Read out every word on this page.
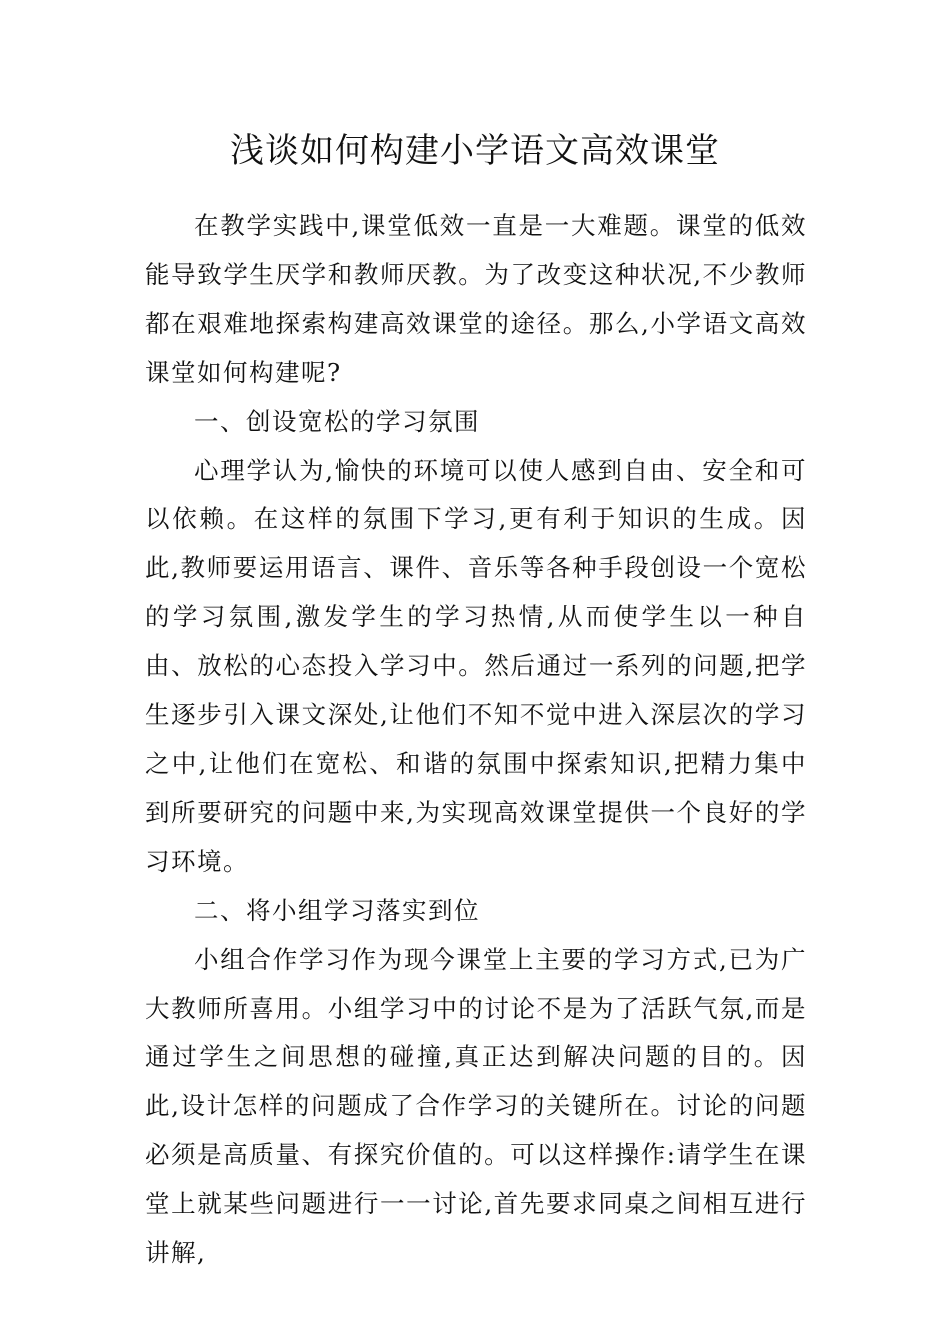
浅谈如何构建小学语文高效课堂

在教学实践中,课堂低效一直是一大难题。课堂的低效能导致学生厌学和教师厌教。为了改变这种状况,不少教师都在艰难地探索构建高效课堂的途径。那么,小学语文高效课堂如何构建呢?

一、创设宽松的学习氛围

心理学认为,愉快的环境可以使人感到自由、安全和可以依赖。在这样的氛围下学习,更有利于知识的生成。因此,教师要运用语言、课件、音乐等各种手段创设一个宽松的学习氛围,激发学生的学习热情,从而使学生以一种自由、放松的心态投入学习中。然后通过一系列的问题,把学生逐步引入课文深处,让他们不知不觉中进入深层次的学习之中,让他们在宽松、和谐的氛围中探索知识,把精力集中到所要研究的问题中来,为实现高效课堂提供一个良好的学习环境。

二、将小组学习落实到位

小组合作学习作为现今课堂上主要的学习方式,已为广大教师所喜用。小组学习中的讨论不是为了活跃气氛,而是通过学生之间思想的碰撞,真正达到解决问题的目的。因此,设计怎样的问题成了合作学习的关键所在。讨论的问题必须是高质量、有探究价值的。可以这样操作:请学生在课堂上就某些问题进行一一讨论,首先要求同桌之间相互进行讲解,
